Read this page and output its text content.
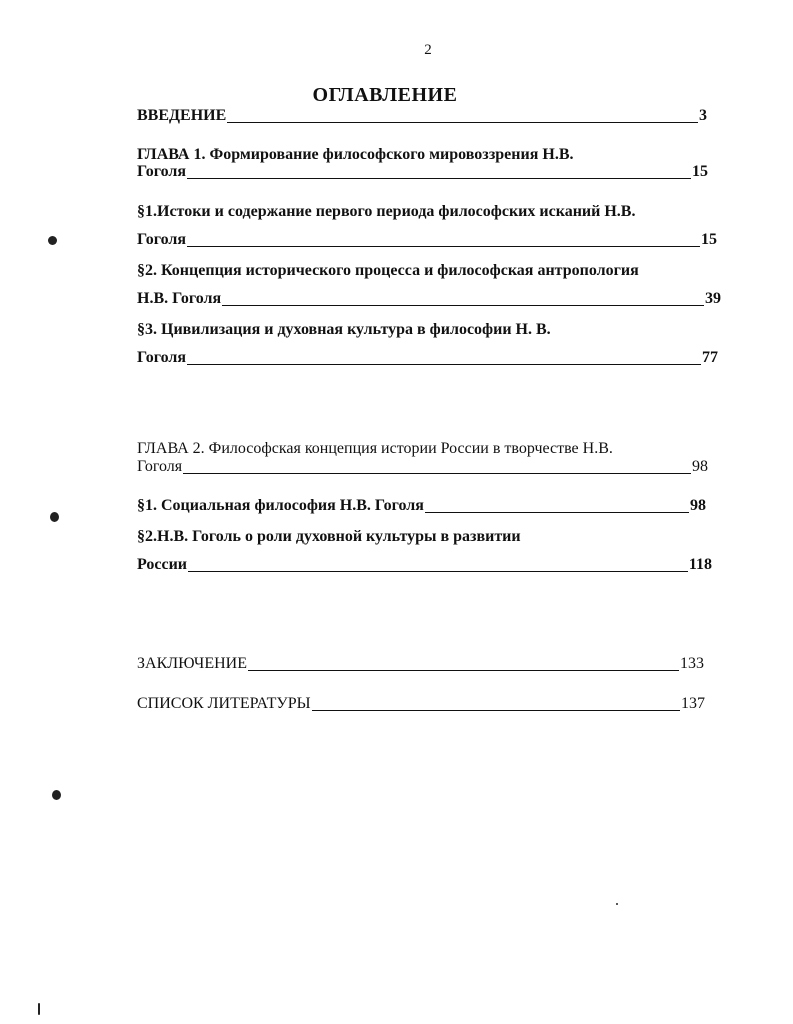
2
ОГЛАВЛЕНИЕ
ВВЕДЕНИЕ	3
ГЛАВА 1. Формирование философского мировоззрения Н.В.
Гоголя	15
§1.Истоки и содержание первого периода философских исканий Н.В.
Гоголя	15
§2. Концепция исторического процесса и философская антропология
Н.В. Гоголя	39
§3. Цивилизация и духовная культура в философии Н. В.
Гоголя	77
ГЛАВА 2. Философская концепция истории России в творчестве Н.В.
Гоголя	98
§1. Социальная философия Н.В. Гоголя	98
§2.Н.В. Гоголь о роли духовной культуры в развитии
России	118
ЗАКЛЮЧЕНИЕ	133
СПИСОК ЛИТЕРАТУРЫ	137
